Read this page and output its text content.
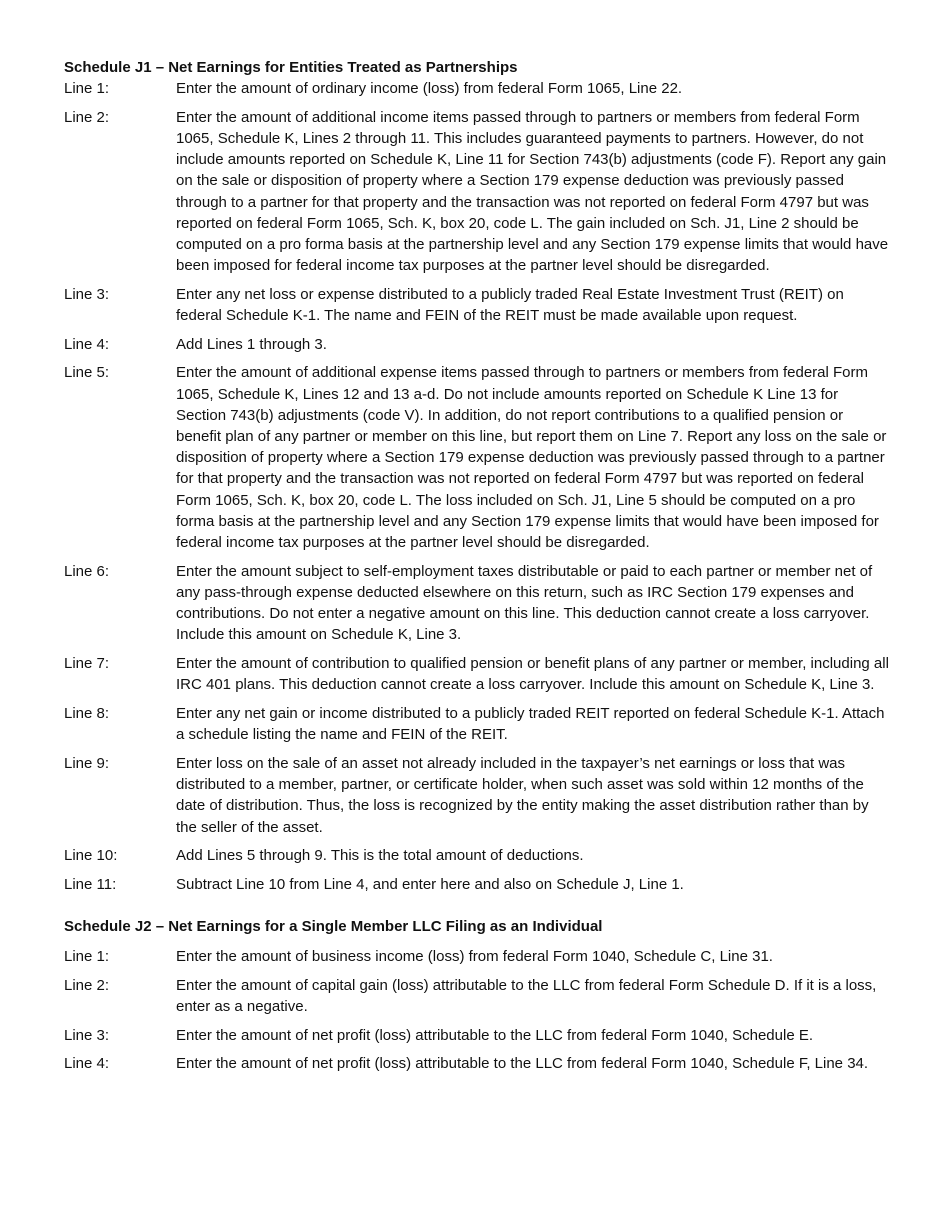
Schedule J1 – Net Earnings for Entities Treated as Partnerships
Line 1:	Enter the amount of ordinary income (loss) from federal Form 1065, Line 22.
Line 2:	Enter the amount of additional income items passed through to partners or members from federal Form 1065, Schedule K, Lines 2 through 11. This includes guaranteed payments to partners. However, do not include amounts reported on Schedule K, Line 11 for Section 743(b) adjustments (code F). Report any gain on the sale or disposition of property where a Section 179 expense deduction was previously passed through to a partner for that property and the transaction was not reported on federal Form 4797 but was reported on federal Form 1065, Sch. K, box 20, code L. The gain included on Sch. J1, Line 2 should be computed on a pro forma basis at the partnership level and any Section 179 expense limits that would have been imposed for federal income tax purposes at the partner level should be disregarded.
Line 3:	Enter any net loss or expense distributed to a publicly traded Real Estate Investment Trust (REIT) on federal Schedule K-1. The name and FEIN of the REIT must be made available upon request.
Line 4:	Add Lines 1 through 3.
Line 5:	Enter the amount of additional expense items passed through to partners or members from federal Form 1065, Schedule K, Lines 12 and 13 a-d. Do not include amounts reported on Schedule K Line 13 for Section 743(b) adjustments (code V). In addition, do not report contributions to a qualified pension or benefit plan of any partner or member on this line, but report them on Line 7. Report any loss on the sale or disposition of property where a Section 179 expense deduction was previously passed through to a partner for that property and the transaction was not reported on federal Form 4797 but was reported on federal Form 1065, Sch. K, box 20, code L. The loss included on Sch. J1, Line 5 should be computed on a pro forma basis at the partnership level and any Section 179 expense limits that would have been imposed for federal income tax purposes at the partner level should be disregarded.
Line 6:	Enter the amount subject to self-employment taxes distributable or paid to each partner or member net of any pass-through expense deducted elsewhere on this return, such as IRC Section 179 expenses and contributions. Do not enter a negative amount on this line. This deduction cannot create a loss carryover. Include this amount on Schedule K, Line 3.
Line 7:	Enter the amount of contribution to qualified pension or benefit plans of any partner or member, including all IRC 401 plans. This deduction cannot create a loss carryover. Include this amount on Schedule K, Line 3.
Line 8:	Enter any net gain or income distributed to a publicly traded REIT reported on federal Schedule K-1. Attach a schedule listing the name and FEIN of the REIT.
Line 9:	Enter loss on the sale of an asset not already included in the taxpayer’s net earnings or loss that was distributed to a member, partner, or certificate holder, when such asset was sold within 12 months of the date of distribution. Thus, the loss is recognized by the entity making the asset distribution rather than by the seller of the asset.
Line 10:	Add Lines 5 through 9. This is the total amount of deductions.
Line 11:	Subtract Line 10 from Line 4, and enter here and also on Schedule J, Line 1.
Schedule J2 – Net Earnings for a Single Member LLC Filing as an Individual
Line 1:	Enter the amount of business income (loss) from federal Form 1040, Schedule C, Line 31.
Line 2:	Enter the amount of capital gain (loss) attributable to the LLC from federal Form Schedule D. If it is a loss, enter as a negative.
Line 3:	Enter the amount of net profit (loss) attributable to the LLC from federal Form 1040, Schedule E.
Line 4:	Enter the amount of net profit (loss) attributable to the LLC from federal Form 1040, Schedule F, Line 34.
